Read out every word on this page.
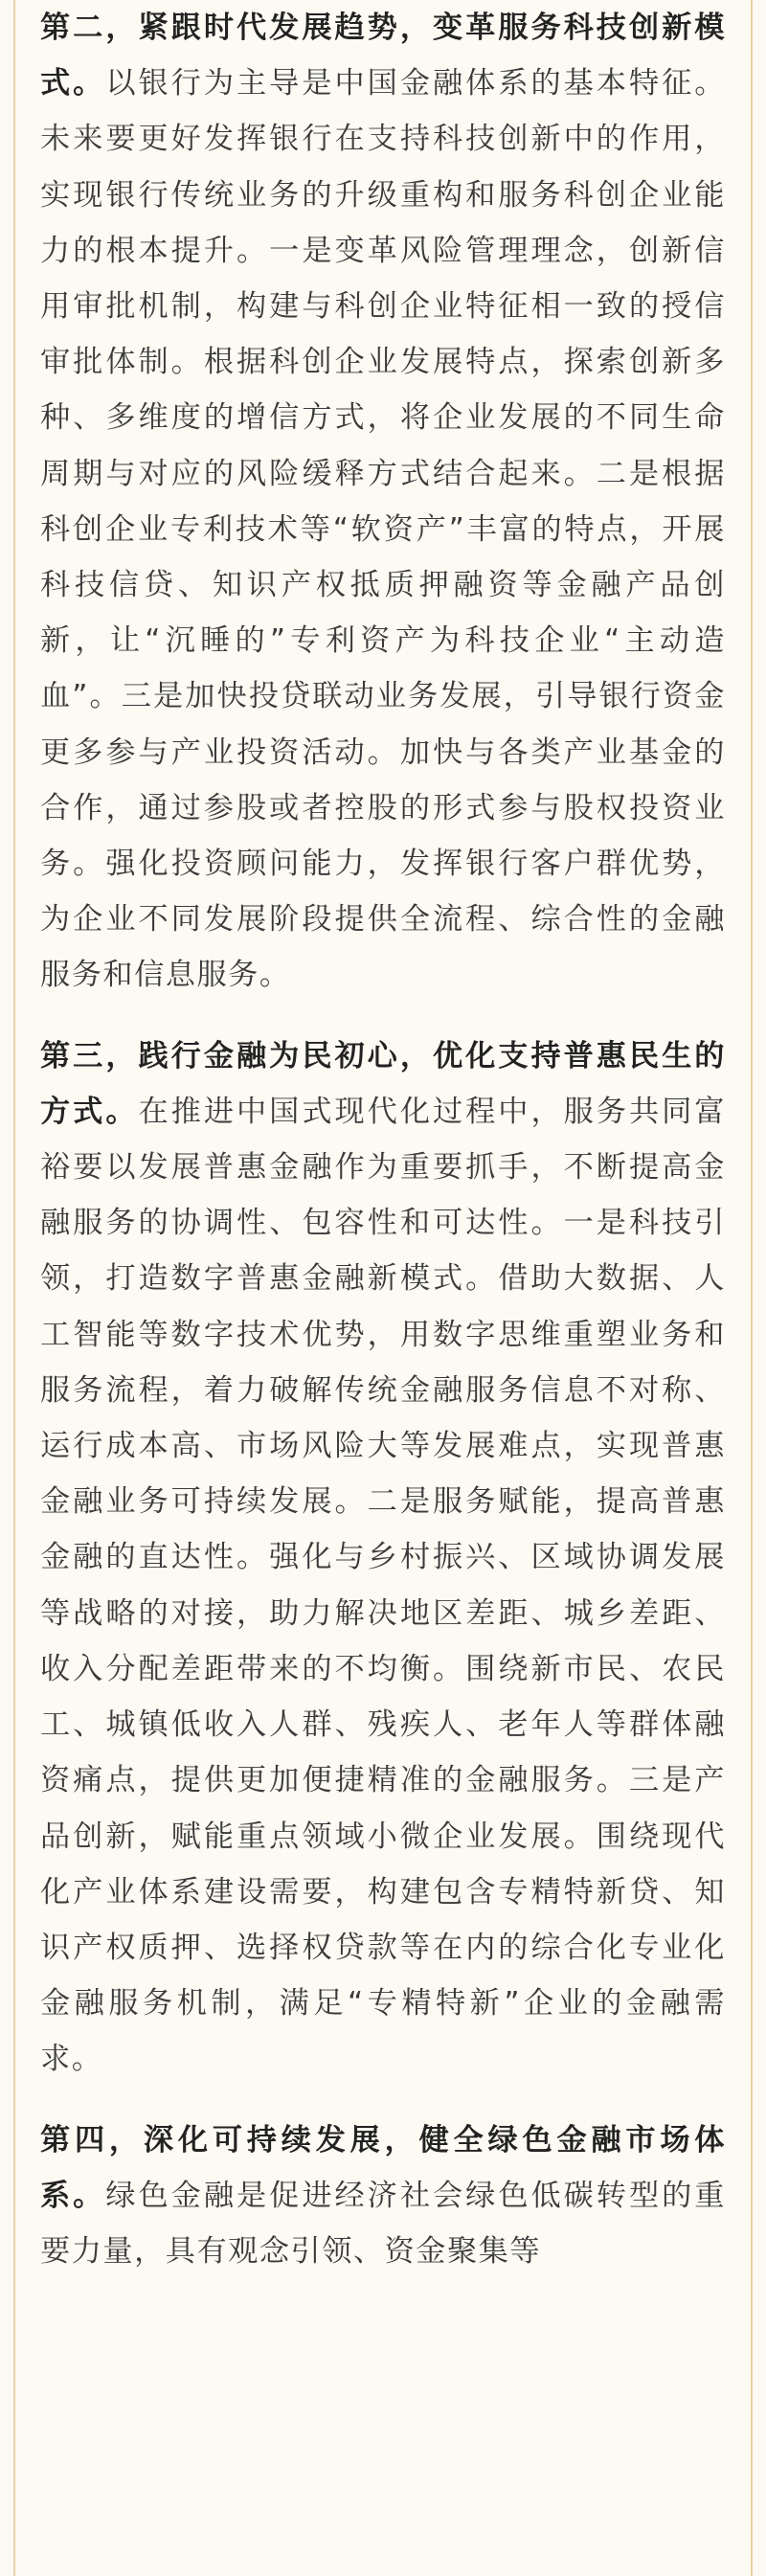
第二，紧跟时代发展趋势，变革服务科技创新模式。以银行为主导是中国金融体系的基本特征。未来要更好发挥银行在支持科技创新中的作用，实现银行传统业务的升级重构和服务科创企业能力的根本提升。一是变革风险管理理念，创新信用审批机制，构建与科创企业特征相一致的授信审批体制。根据科创企业发展特点，探索创新多种、多维度的增信方式，将企业发展的不同生命周期与对应的风险缓释方式结合起来。二是根据科创企业专利技术等“软资产”丰富的特点，开展科技信贷、知识产权抵质押融资等金融产品创新，让“沉睡的”专利资产为科技企业“主动造血”。三是加快投贷联动业务发展，引导银行资金更多参与产业投资活动。加快与各类产业基金的合作，通过参股或者控股的形式参与股权投资业务。强化投资顾问能力，发挥银行客户群优势，为企业不同发展阶段提供全流程、综合性的金融服务和信息服务。

第三，践行金融为民初心，优化支持普惠民生的方式。在推进中国式现代化过程中，服务共同富裕要以发展普惠金融作为重要抓手，不断提高金融服务的协调性、包容性和可达性。一是科技引领，打造数字普惠金融新模式。借助大数据、人工智能等数字技术优势，用数字思维重塑业务和服务流程，着力破解传统金融服务信息不对称、运行成本高、市场风险大等发展难点，实现普惠金融业务可持续发展。二是服务赋能，提高普惠金融的直达性。强化与乡村振兴、区域协调发展等战略的对接，助力解决地区差距、城乡差距、收入分配差距带来的不均衡。围绕新市民、农民工、城镇低收入人群、残疾人、老年人等群体融资痛点，提供更加便捷精准的金融服务。三是产品创新，赋能重点领域小微企业发展。围绕现代化产业体系建设需要，构建包含专精特新贷、知识产权质押、选择权贷款等在内的综合化专业化金融服务机制，满足“专精特新”企业的金融需求。

第四，深化可持续发展，健全绿色金融市场体系。绿色金融是促进经济社会绿色低碳转型的重要力量，具有观念引领、资金聚集等
